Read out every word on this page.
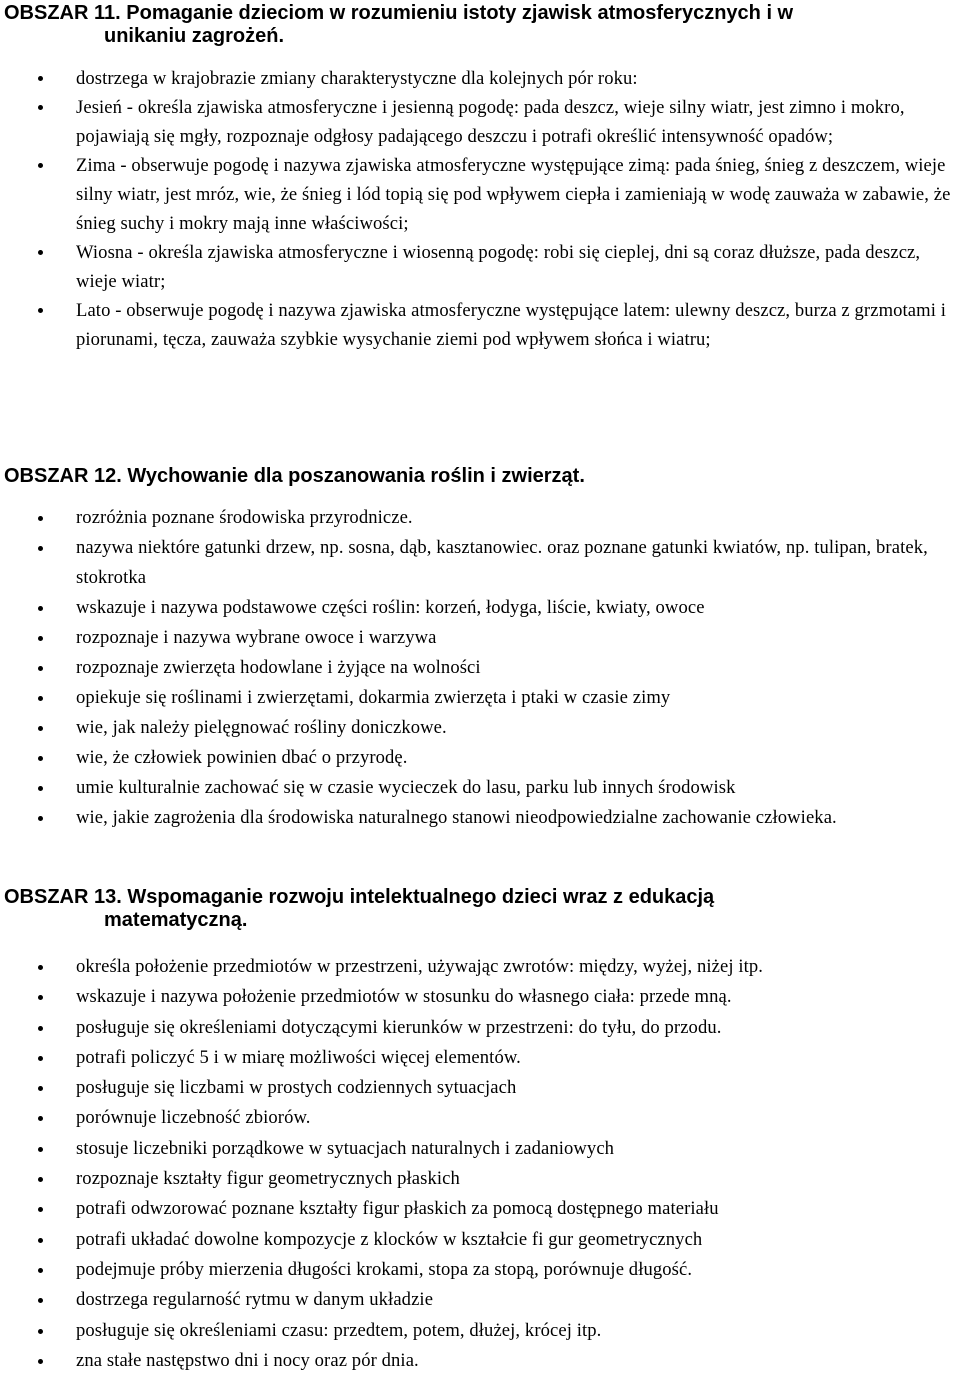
OBSZAR 11. Pomaganie dzieciom w rozumieniu istoty zjawisk atmosferycznych i w
unikaniu zagrożeń.
dostrzega w krajobrazie zmiany charakterystyczne dla kolejnych pór roku:
Jesień - określa zjawiska atmosferyczne i jesienną pogodę: pada deszcz, wieje silny wiatr, jest zimno i mokro, pojawiają się mgły, rozpoznaje odgłosy padającego deszczu i potrafi określić intensywność opadów;
Zima - obserwuje pogodę i nazywa zjawiska atmosferyczne występujące zimą: pada śnieg, śnieg z deszczem, wieje silny wiatr, jest mróz, wie, że śnieg i lód topią się pod wpływem ciepła i zamieniają w wodę zauważa w zabawie, że śnieg suchy i mokry mają inne właściwości;
Wiosna - określa zjawiska atmosferyczne i wiosenną pogodę: robi się cieplej, dni są coraz dłuższe, pada deszcz, wieje wiatr;
Lato - obserwuje pogodę i nazywa zjawiska atmosferyczne występujące latem: ulewny deszcz, burza z grzmotami i piorunami, tęcza, zauważa szybkie wysychanie ziemi pod wpływem słońca i wiatru;
OBSZAR 12. Wychowanie dla poszanowania roślin i zwierząt.
rozróżnia poznane środowiska przyrodnicze.
nazywa niektóre gatunki drzew, np. sosna, dąb, kasztanowiec. oraz poznane gatunki kwiatów, np. tulipan, bratek, stokrotka
wskazuje i nazywa podstawowe części roślin: korzeń, łodyga, liście, kwiaty, owoce
rozpoznaje i nazywa wybrane owoce i warzywa
rozpoznaje zwierzęta hodowlane i żyjące na wolności
opiekuje się roślinami i zwierzętami, dokarmia zwierzęta i ptaki w czasie zimy
wie, jak należy pielęgnować rośliny doniczkowe.
wie, że człowiek powinien dbać o przyrodę.
umie kulturalnie zachować się w czasie wycieczek do lasu, parku lub innych środowisk
wie, jakie zagrożenia dla środowiska naturalnego stanowi nieodpowiedzialne zachowanie człowieka.
OBSZAR 13. Wspomaganie rozwoju intelektualnego dzieci wraz z edukacją
matematyczną.
określa położenie przedmiotów w przestrzeni, używając zwrotów: między, wyżej, niżej itp.
wskazuje i nazywa położenie przedmiotów w stosunku do własnego ciała: przede mną.
posługuje się określeniami dotyczącymi kierunków w przestrzeni: do tyłu, do przodu.
potrafi policzyć 5 i w miarę możliwości więcej elementów.
posługuje się liczbami w prostych codziennych sytuacjach
porównuje liczebność zbiorów.
stosuje liczebniki porządkowe w sytuacjach naturalnych i zadaniowych
rozpoznaje kształty figur geometrycznych płaskich
potrafi odwzorować poznane kształty figur płaskich za pomocą dostępnego materiału
potrafi układać dowolne kompozycje z klocków w kształcie fi gur geometrycznych
podejmuje próby mierzenia długości krokami, stopa za stopą, porównuje długość.
dostrzega regularność rytmu w danym układzie
posługuje się określeniami czasu: przedtem, potem, dłużej, krócej itp.
zna stałe następstwo dni i nocy oraz pór dnia.
